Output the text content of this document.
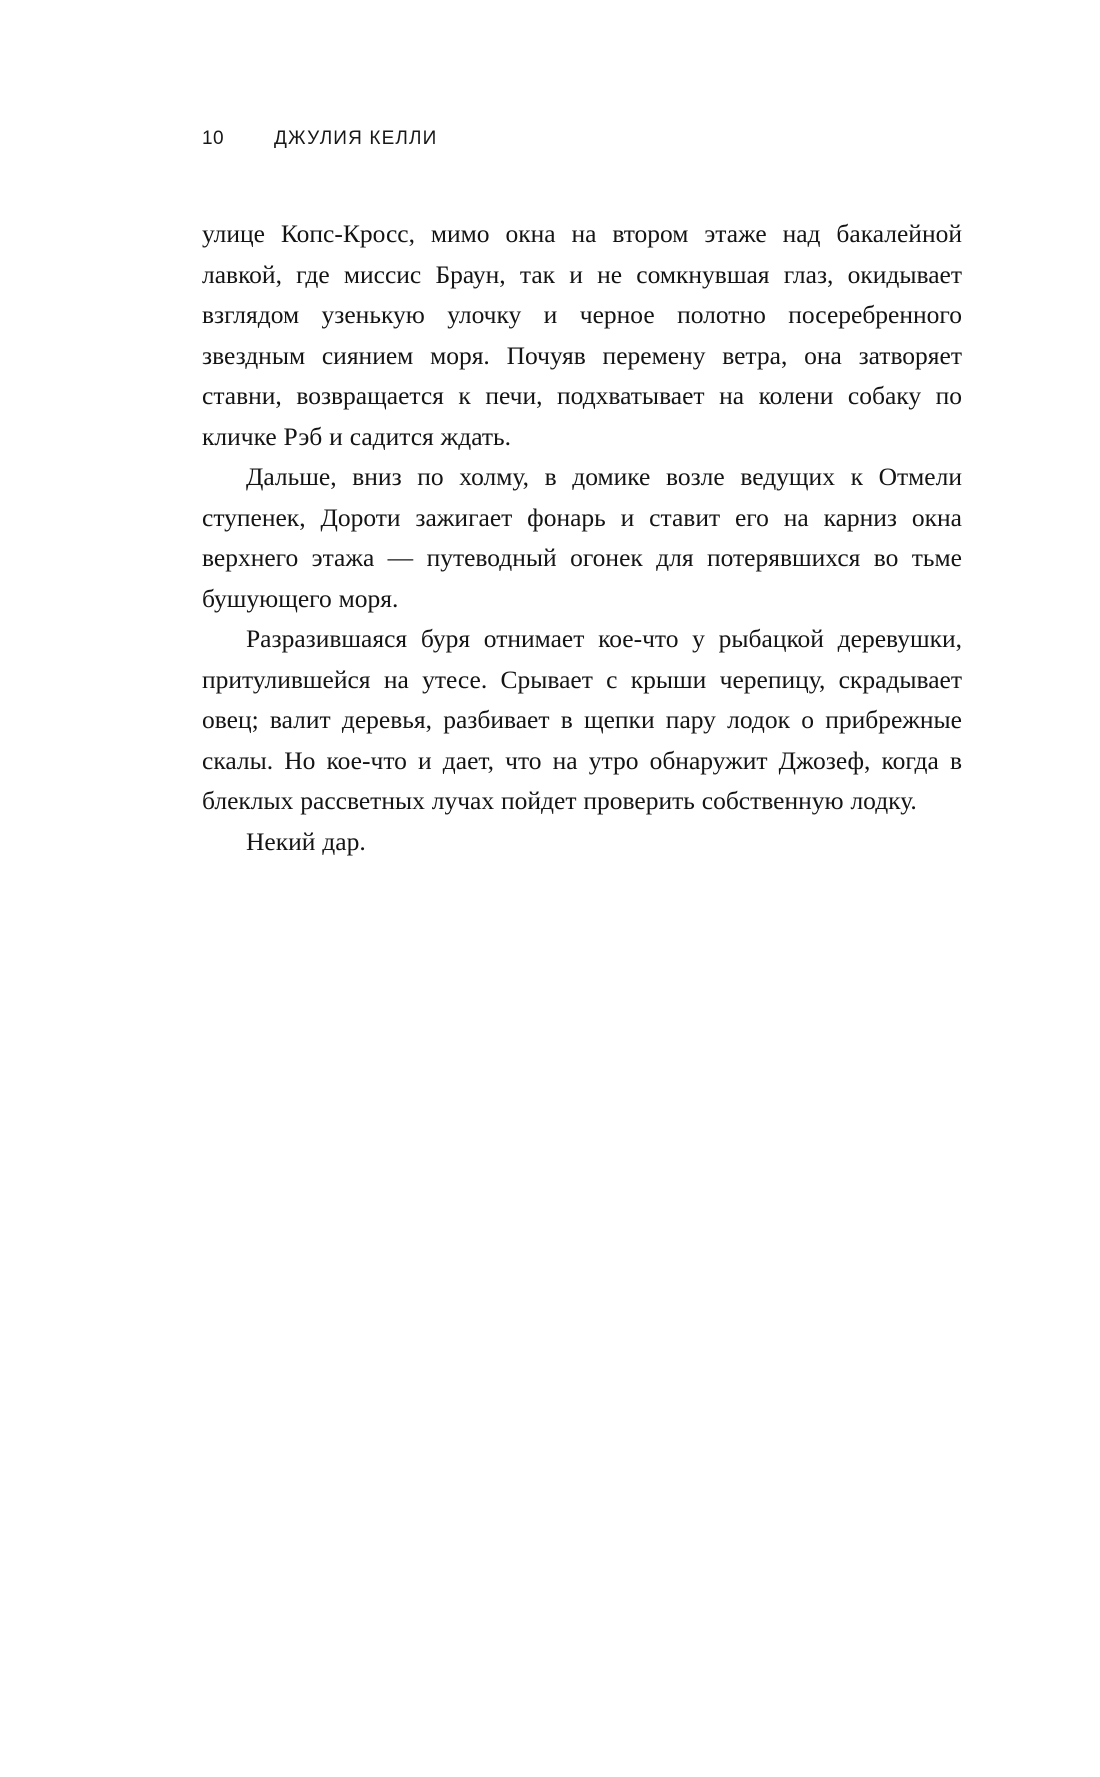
10	ДЖУЛИЯ КЕЛЛИ

улице Копс-Кросс, мимо окна на втором этаже над бакалейной лавкой, где миссис Браун, так и не сомкнувшая глаз, окидывает взглядом узенькую улочку и черное полотно посеребренного звездным сиянием моря. Почуяв перемену ветра, она затворяет ставни, возвращается к печи, подхватывает на колени собаку по кличке Рэб и садится ждать.

Дальше, вниз по холму, в домике возле ведущих к Отмели ступенек, Дороти зажигает фонарь и ставит его на карниз окна верхнего этажа — путеводный огонек для потерявшихся во тьме бушующего моря.

Разразившаяся буря отнимает кое-что у рыбацкой деревушки, притулившейся на утесе. Срывает с крыши черепицу, скрадывает овец; валит деревья, разбивает в щепки пару лодок о прибрежные скалы. Но кое-что и дает, что на утро обнаружит Джозеф, когда в блеклых рассветных лучах пойдет проверить собственную лодку.

Некий дар.
